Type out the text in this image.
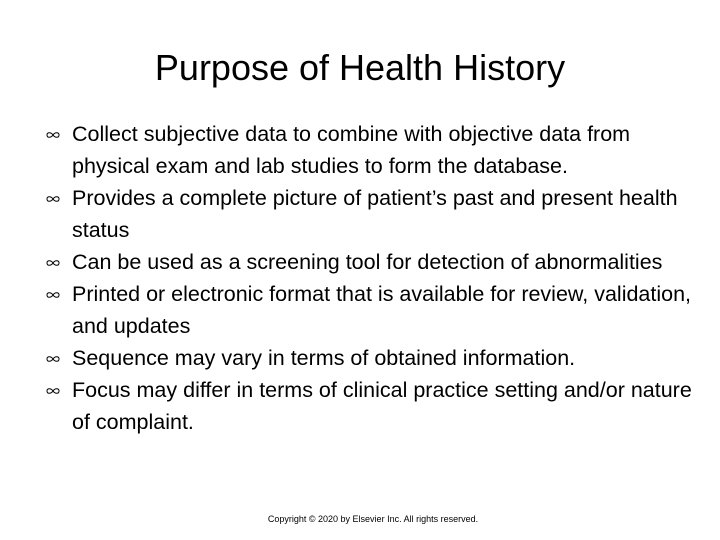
Purpose of Health History
Collect subjective data to combine with objective data from physical exam and lab studies to form the database.
Provides a complete picture of patient’s past and present health status
Can be used as a screening tool for detection of abnormalities
Printed or electronic format that is available for review, validation, and updates
Sequence may vary in terms of obtained information.
Focus may differ in terms of clinical practice setting and/or nature of complaint.
Copyright © 2020 by Elsevier Inc. All rights reserved.
